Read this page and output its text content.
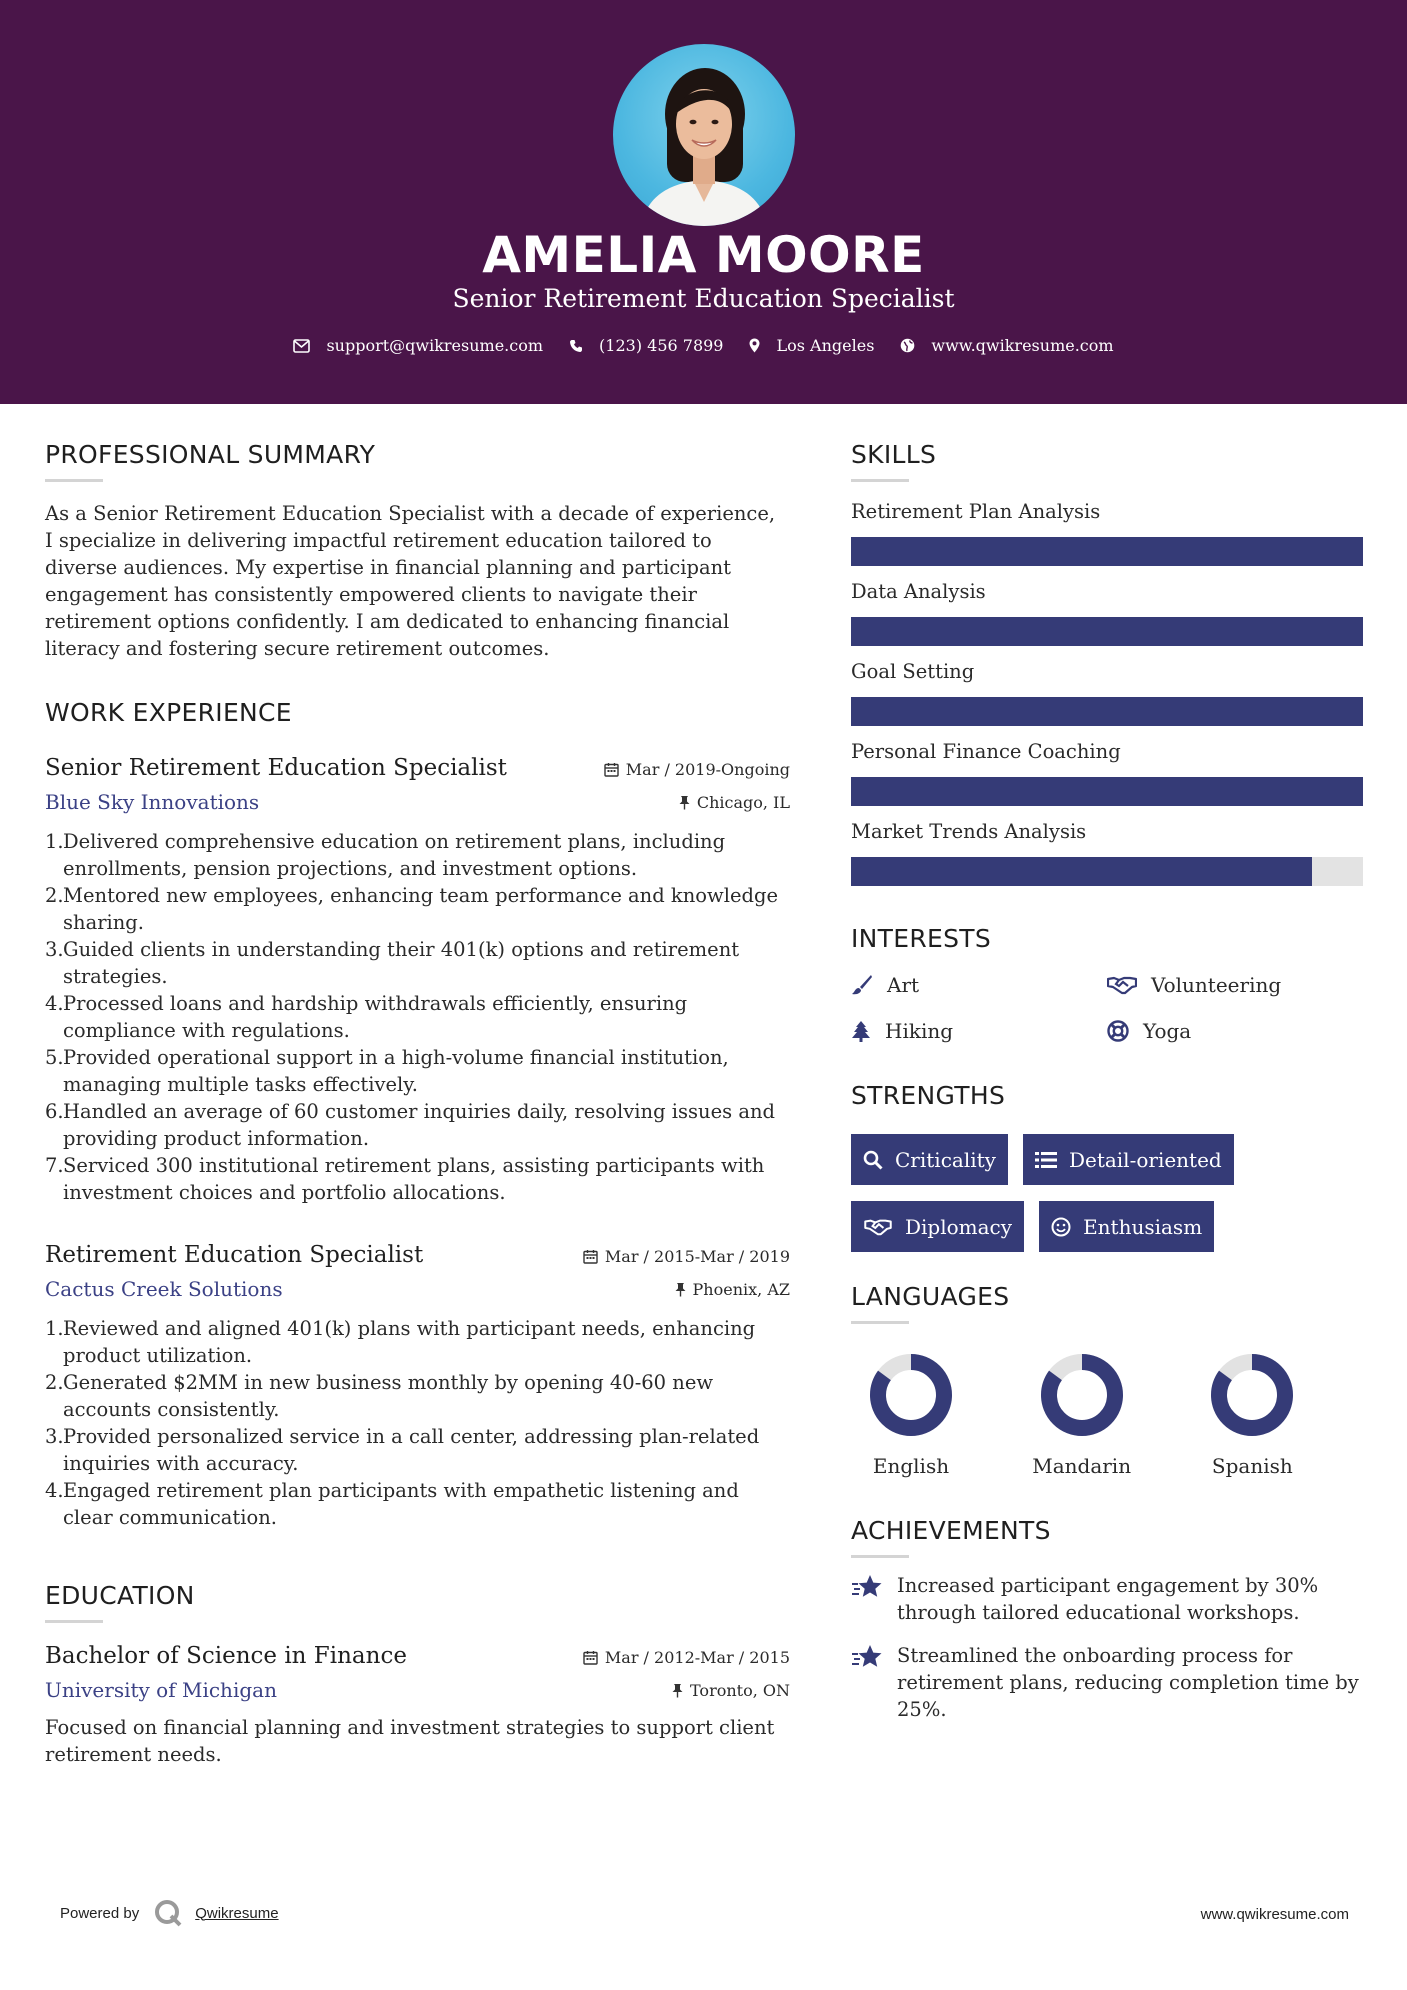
AMELIA MOORE
Senior Retirement Education Specialist
support@qwikresume.com	(123) 456 7899	Los Angeles	www.qwikresume.com
PROFESSIONAL SUMMARY
As a Senior Retirement Education Specialist with a decade of experience, I specialize in delivering impactful retirement education tailored to diverse audiences. My expertise in financial planning and participant engagement has consistently empowered clients to navigate their retirement options confidently. I am dedicated to enhancing financial literacy and fostering secure retirement outcomes.
WORK EXPERIENCE
Senior Retirement Education Specialist	Mar / 2019-Ongoing
Blue Sky Innovations	Chicago, IL
1. Delivered comprehensive education on retirement plans, including enrollments, pension projections, and investment options.
2. Mentored new employees, enhancing team performance and knowledge sharing.
3. Guided clients in understanding their 401(k) options and retirement strategies.
4. Processed loans and hardship withdrawals efficiently, ensuring compliance with regulations.
5. Provided operational support in a high-volume financial institution, managing multiple tasks effectively.
6. Handled an average of 60 customer inquiries daily, resolving issues and providing product information.
7. Serviced 300 institutional retirement plans, assisting participants with investment choices and portfolio allocations.
Retirement Education Specialist	Mar / 2015-Mar / 2019
Cactus Creek Solutions	Phoenix, AZ
1. Reviewed and aligned 401(k) plans with participant needs, enhancing product utilization.
2. Generated $2MM in new business monthly by opening 40-60 new accounts consistently.
3. Provided personalized service in a call center, addressing plan-related inquiries with accuracy.
4. Engaged retirement plan participants with empathetic listening and clear communication.
EDUCATION
Bachelor of Science in Finance	Mar / 2012-Mar / 2015
University of Michigan	Toronto, ON
Focused on financial planning and investment strategies to support client retirement needs.
SKILLS
Retirement Plan Analysis
Data Analysis
Goal Setting
Personal Finance Coaching
Market Trends Analysis
INTERESTS
Art	Volunteering
Hiking	Yoga
STRENGTHS
Criticality	Detail-oriented
Diplomacy	Enthusiasm
LANGUAGES
English	Mandarin	Spanish
ACHIEVEMENTS
Increased participant engagement by 30% through tailored educational workshops.
Streamlined the onboarding process for retirement plans, reducing completion time by 25%.
Powered by	Qwikresume	www.qwikresume.com
